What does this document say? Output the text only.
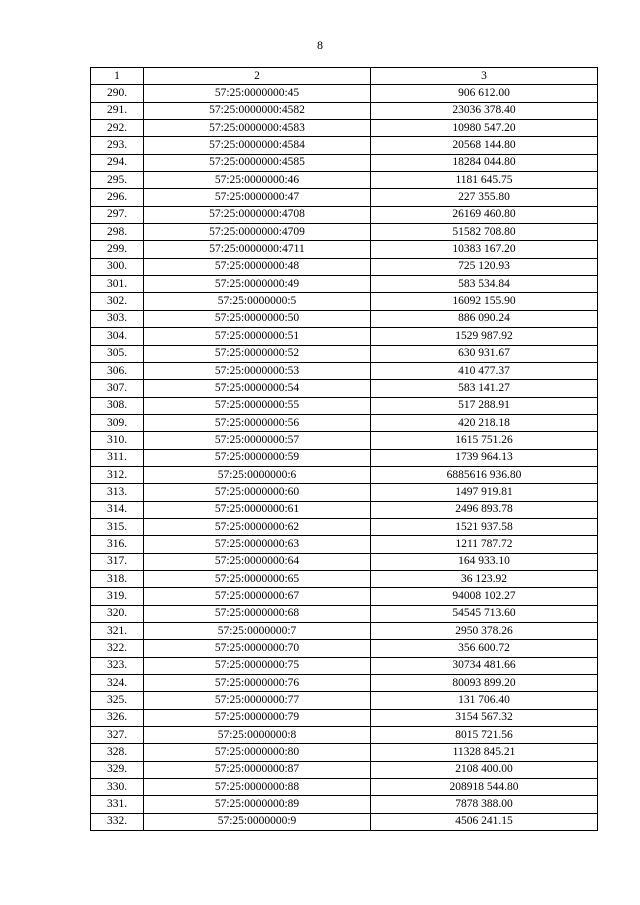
8
1	2	3
290.	57:25:0000000:45	906 612.00
291.	57:25:0000000:4582	23036 378.40
292.	57:25:0000000:4583	10980 547.20
293.	57:25:0000000:4584	20568 144.80
294.	57:25:0000000:4585	18284 044.80
295.	57:25:0000000:46	1181 645.75
296.	57:25:0000000:47	227 355.80
297.	57:25:0000000:4708	26169 460.80
298.	57:25:0000000:4709	51582 708.80
299.	57:25:0000000:4711	10383 167.20
300.	57:25:0000000:48	725 120.93
301.	57:25:0000000:49	583 534.84
302.	57:25:0000000:5	16092 155.90
303.	57:25:0000000:50	886 090.24
304.	57:25:0000000:51	1529 987.92
305.	57:25:0000000:52	630 931.67
306.	57:25:0000000:53	410 477.37
307.	57:25:0000000:54	583 141.27
308.	57:25:0000000:55	517 288.91
309.	57:25:0000000:56	420 218.18
310.	57:25:0000000:57	1615 751.26
311.	57:25:0000000:59	1739 964.13
312.	57:25:0000000:6	6885616 936.80
313.	57:25:0000000:60	1497 919.81
314.	57:25:0000000:61	2496 893.78
315.	57:25:0000000:62	1521 937.58
316.	57:25:0000000:63	1211 787.72
317.	57:25:0000000:64	164 933.10
318.	57:25:0000000:65	36 123.92
319.	57:25:0000000:67	94008 102.27
320.	57:25:0000000:68	54545 713.60
321.	57:25:0000000:7	2950 378.26
322.	57:25:0000000:70	356 600.72
323.	57:25:0000000:75	30734 481.66
324.	57:25:0000000:76	80093 899.20
325.	57:25:0000000:77	131 706.40
326.	57:25:0000000:79	3154 567.32
327.	57:25:0000000:8	8015 721.56
328.	57:25:0000000:80	11328 845.21
329.	57:25:0000000:87	2108 400.00
330.	57:25:0000000:88	208918 544.80
331.	57:25:0000000:89	7878 388.00
332.	57:25:0000000:9	4506 241.15
